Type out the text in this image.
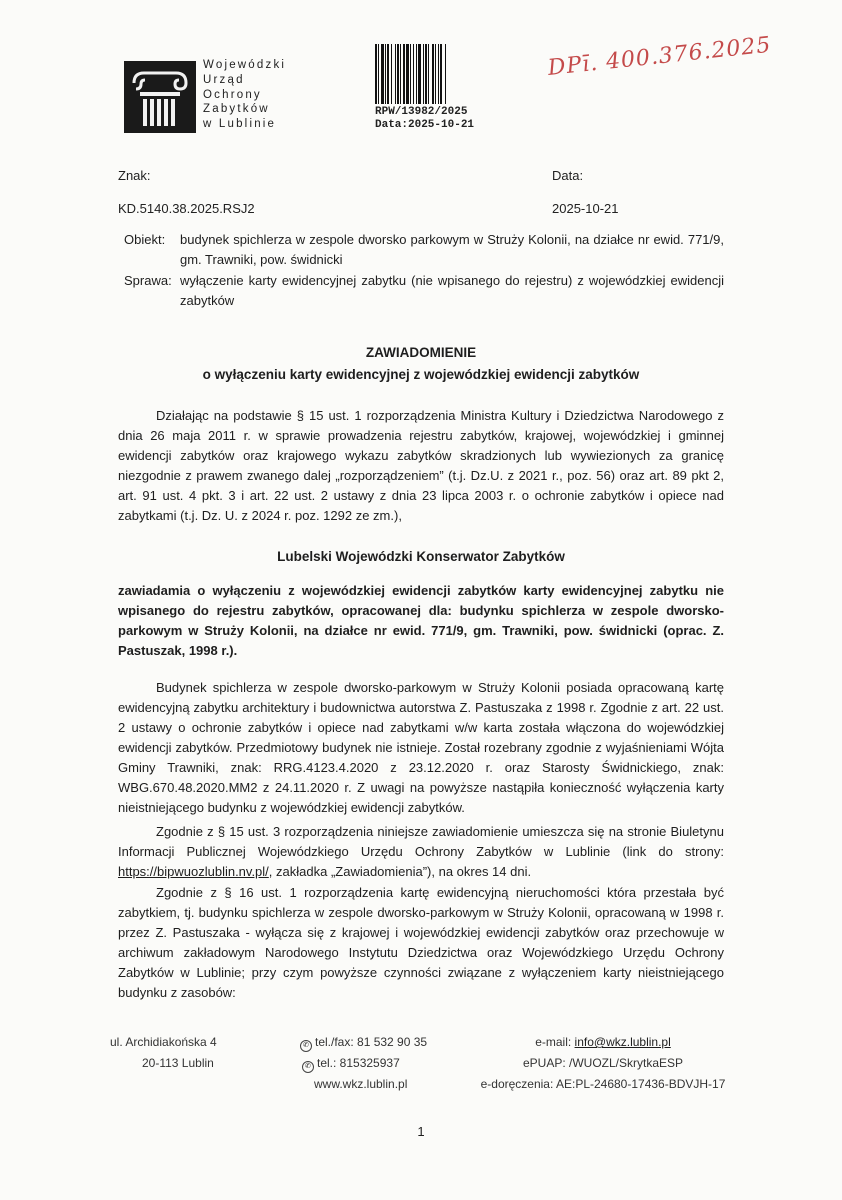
Wojewódzki
Urząd
Ochrony
Zabytków
w Lublinie
RPW/13982/2025
Data:2025-10-21
DPī. 400.376.2025
Znak:	Data:
KD.5140.38.2025.RSJ2	2025-10-21
Obiekt:	budynek spichlerza w zespole dworsko parkowym w Struży Kolonii, na działce nr ewid. 771/9, gm. Trawniki, pow. świdnicki
Sprawa: wyłączenie karty ewidencyjnej zabytku (nie wpisanego do rejestru) z wojewódzkiej ewidencji zabytków
ZAWIADOMIENIE
o wyłączeniu karty ewidencyjnej z wojewódzkiej ewidencji zabytków

Działając na podstawie § 15 ust. 1 rozporządzenia Ministra Kultury i Dziedzictwa Narodowego z dnia 26 maja 2011 r. w sprawie prowadzenia rejestru zabytków, krajowej, wojewódzkiej i gminnej ewidencji zabytków oraz krajowego wykazu zabytków skradzionych lub wywiezionych za granicę niezgodnie z prawem zwanego dalej „rozporządzeniem” (t.j. Dz.U. z 2021 r., poz. 56) oraz art. 89 pkt 2, art. 91 ust. 4 pkt. 3 i art. 22 ust. 2 ustawy z dnia 23 lipca 2003 r. o ochronie zabytków i opiece nad zabytkami (t.j. Dz. U. z 2024 r. poz. 1292 ze zm.),

Lubelski Wojewódzki Konserwator Zabytków

zawiadamia o wyłączeniu z wojewódzkiej ewidencji zabytków karty ewidencyjnej zabytku nie wpisanego do rejestru zabytków, opracowanej dla: budynku spichlerza w zespole dworsko-parkowym w Struży Kolonii, na działce nr ewid. 771/9, gm. Trawniki, pow. świdnicki (oprac. Z. Pastuszak, 1998 r.).

Budynek spichlerza w zespole dworsko-parkowym w Struży Kolonii posiada opracowaną kartę ewidencyjną zabytku architektury i budownictwa autorstwa Z. Pastuszaka z 1998 r. Zgodnie z art. 22 ust. 2 ustawy o ochronie zabytków i opiece nad zabytkami w/w karta została włączona do wojewódzkiej ewidencji zabytków. Przedmiotowy budynek nie istnieje. Został rozebrany zgodnie z wyjaśnieniami Wójta Gminy Trawniki, znak: RRG.4123.4.2020 z 23.12.2020 r. oraz Starosty Świdnickiego, znak: WBG.670.48.2020.MM2 z 24.11.2020 r. Z uwagi na powyższe nastąpiła konieczność wyłączenia karty nieistniejącego budynku z wojewódzkiej ewidencji zabytków.

Zgodnie z § 15 ust. 3 rozporządzenia niniejsze zawiadomienie umieszcza się na stronie Biuletynu Informacji Publicznej Wojewódzkiego Urzędu Ochrony Zabytków w Lublinie (link do strony: https://bipwuozlublin.nv.pl/, zakładka „Zawiadomienia”), na okres 14 dni.

Zgodnie z § 16 ust. 1 rozporządzenia kartę ewidencyjną nieruchomości która przestała być zabytkiem, tj. budynku spichlerza w zespole dworsko-parkowym w Struży Kolonii, opracowaną w 1998 r. przez Z. Pastuszaka - wyłącza się z krajowej i wojewódzkiej ewidencji zabytków oraz przechowuje w archiwum zakładowym Narodowego Instytutu Dziedzictwa oraz Wojewódzkiego Urzędu Ochrony Zabytków w Lublinie; przy czym powyższe czynności związane z wyłączeniem karty nieistniejącego budynku z zasobów:

ul. Archidiakońska 4
20-113 Lublin
✆ tel./fax: 81 532 90 35
✆ tel.: 815325937
www.wkz.lublin.pl
e-mail: info@wkz.lublin.pl
ePUAP: /WUOZL/SkrytkaESP
e-doręczenia: AE:PL-24680-17436-BDVJH-17
1
